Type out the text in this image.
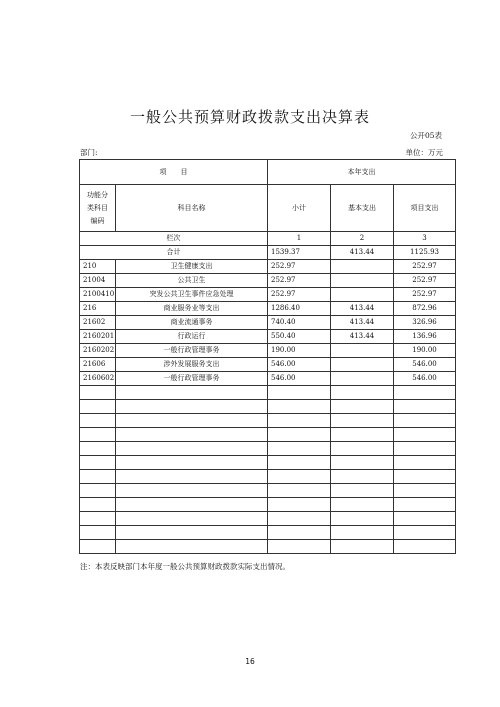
一般公共预算财政拨款支出决算表
公开05表
部门:	单位：万元
项　　目		本年支出		
功能分类科目编码	科目名称	小计	基本支出	项目支出
栏次		1	2	3
合计		1539.37	413.44	1125.93
210	卫生健康支出	252.97		252.97
21004	公共卫生	252.97		252.97
2100410	突发公共卫生事件应急处理	252.97		252.97
216	商业服务业等支出	1286.40	413.44	872.96
21602	商业流通事务	740.40	413.44	326.96
2160201	行政运行	550.40	413.44	136.96
2160202	一般行政管理事务	190.00		190.00
21606	涉外发展服务支出	546.00		546.00
2160602	一般行政管理事务	546.00		546.00

注：本表反映部门本年度一般公共预算财政拨款实际支出情况。
16
